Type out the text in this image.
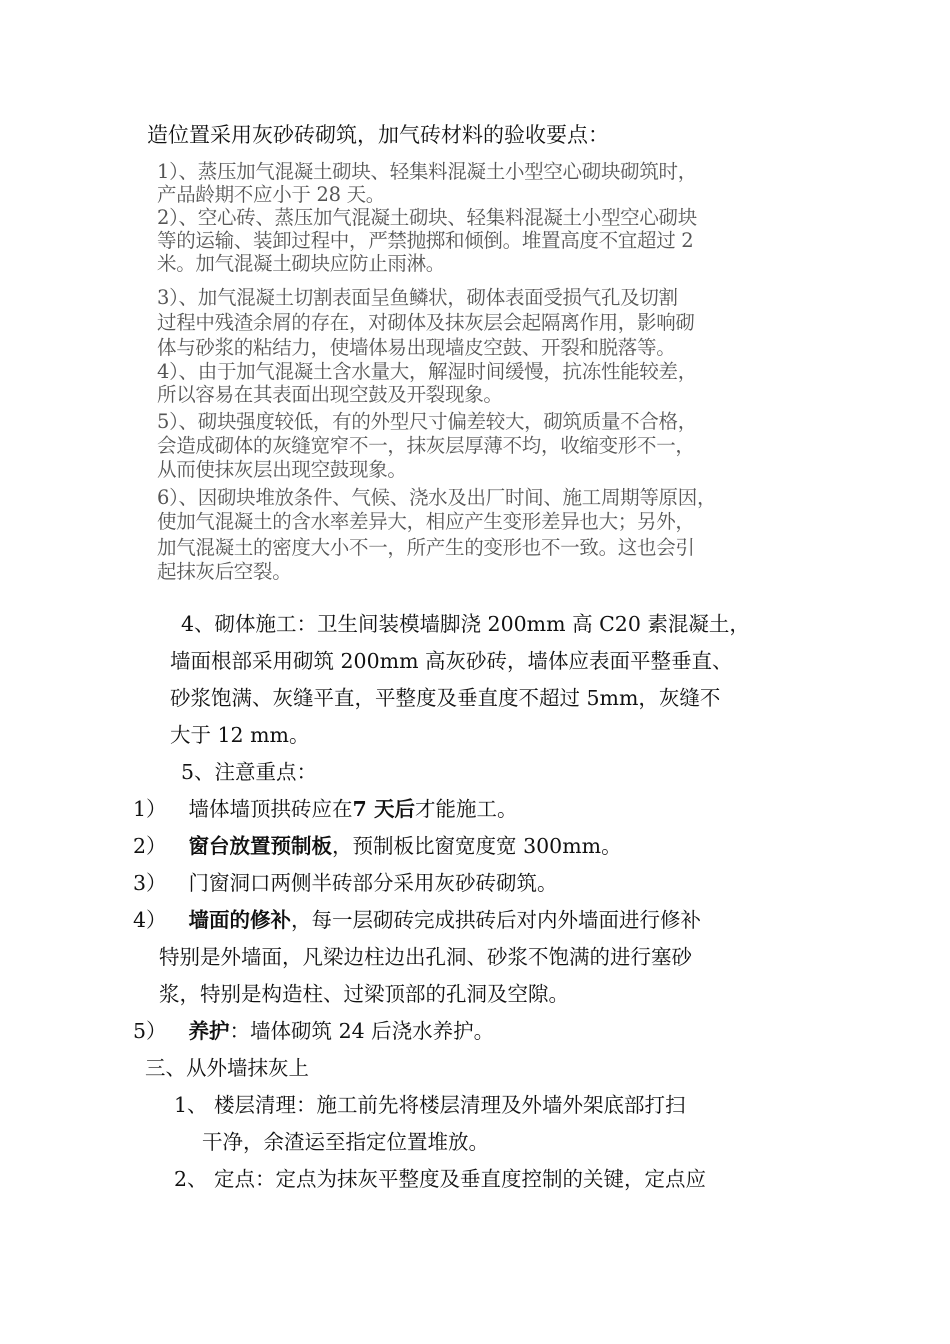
造位置采用灰砂砖砌筑，加气砖材料的验收要点：
1）、蒸压加气混凝土砌块、轻集料混凝土小型空心砌块砌筑时，
产品龄期不应小于 28 天。
2）、空心砖、蒸压加气混凝土砌块、轻集料混凝土小型空心砌块
等的运输、装卸过程中，严禁抛掷和倾倒。堆置高度不宜超过 2
米。加气混凝土砌块应防止雨淋。
3）、加气混凝土切割表面呈鱼鳞状，砌体表面受损气孔及切割
过程中残渣余屑的存在，对砌体及抹灰层会起隔离作用，影响砌
体与砂浆的粘结力，使墙体易出现墙皮空鼓、开裂和脱落等。
4）、由于加气混凝土含水量大，解湿时间缓慢，抗冻性能较差，
所以容易在其表面出现空鼓及开裂现象。
5）、砌块强度较低，有的外型尺寸偏差较大，砌筑质量不合格，
会造成砌体的灰缝宽窄不一，抹灰层厚薄不均，收缩变形不一，
从而使抹灰层出现空鼓现象。
6）、因砌块堆放条件、气候、浇水及出厂时间、施工周期等原因，
使加气混凝土的含水率差异大，相应产生变形差异也大；另外，
加气混凝土的密度大小不一，所产生的变形也不一致。这也会引
起抹灰后空裂。
4、砌体施工：卫生间装模墙脚浇 200mm 高 C20 素混凝土，
墙面根部采用砌筑 200mm 高灰砂砖，墙体应表面平整垂直、
砂浆饱满、灰缝平直，平整度及垂直度不超过 5mm，灰缝不
大于 12 mm。
5、注意重点：
1） 墙体墙顶拱砖应在7 天后才能施工。
2） 窗台放置预制板，预制板比窗宽度宽 300mm。
3） 门窗洞口两侧半砖部分采用灰砂砖砌筑。
4） 墙面的修补，每一层砌砖完成拱砖后对内外墙面进行修补
特别是外墙面，凡梁边柱边出孔洞、砂浆不饱满的进行塞砂
浆，特别是构造柱、过梁顶部的孔洞及空隙。
5） 养护：墙体砌筑 24 后浇水养护。
三、从外墙抹灰上
1、 楼层清理：施工前先将楼层清理及外墙外架底部打扫
干净，余渣运至指定位置堆放。
2、 定点：定点为抹灰平整度及垂直度控制的关键，定点应
